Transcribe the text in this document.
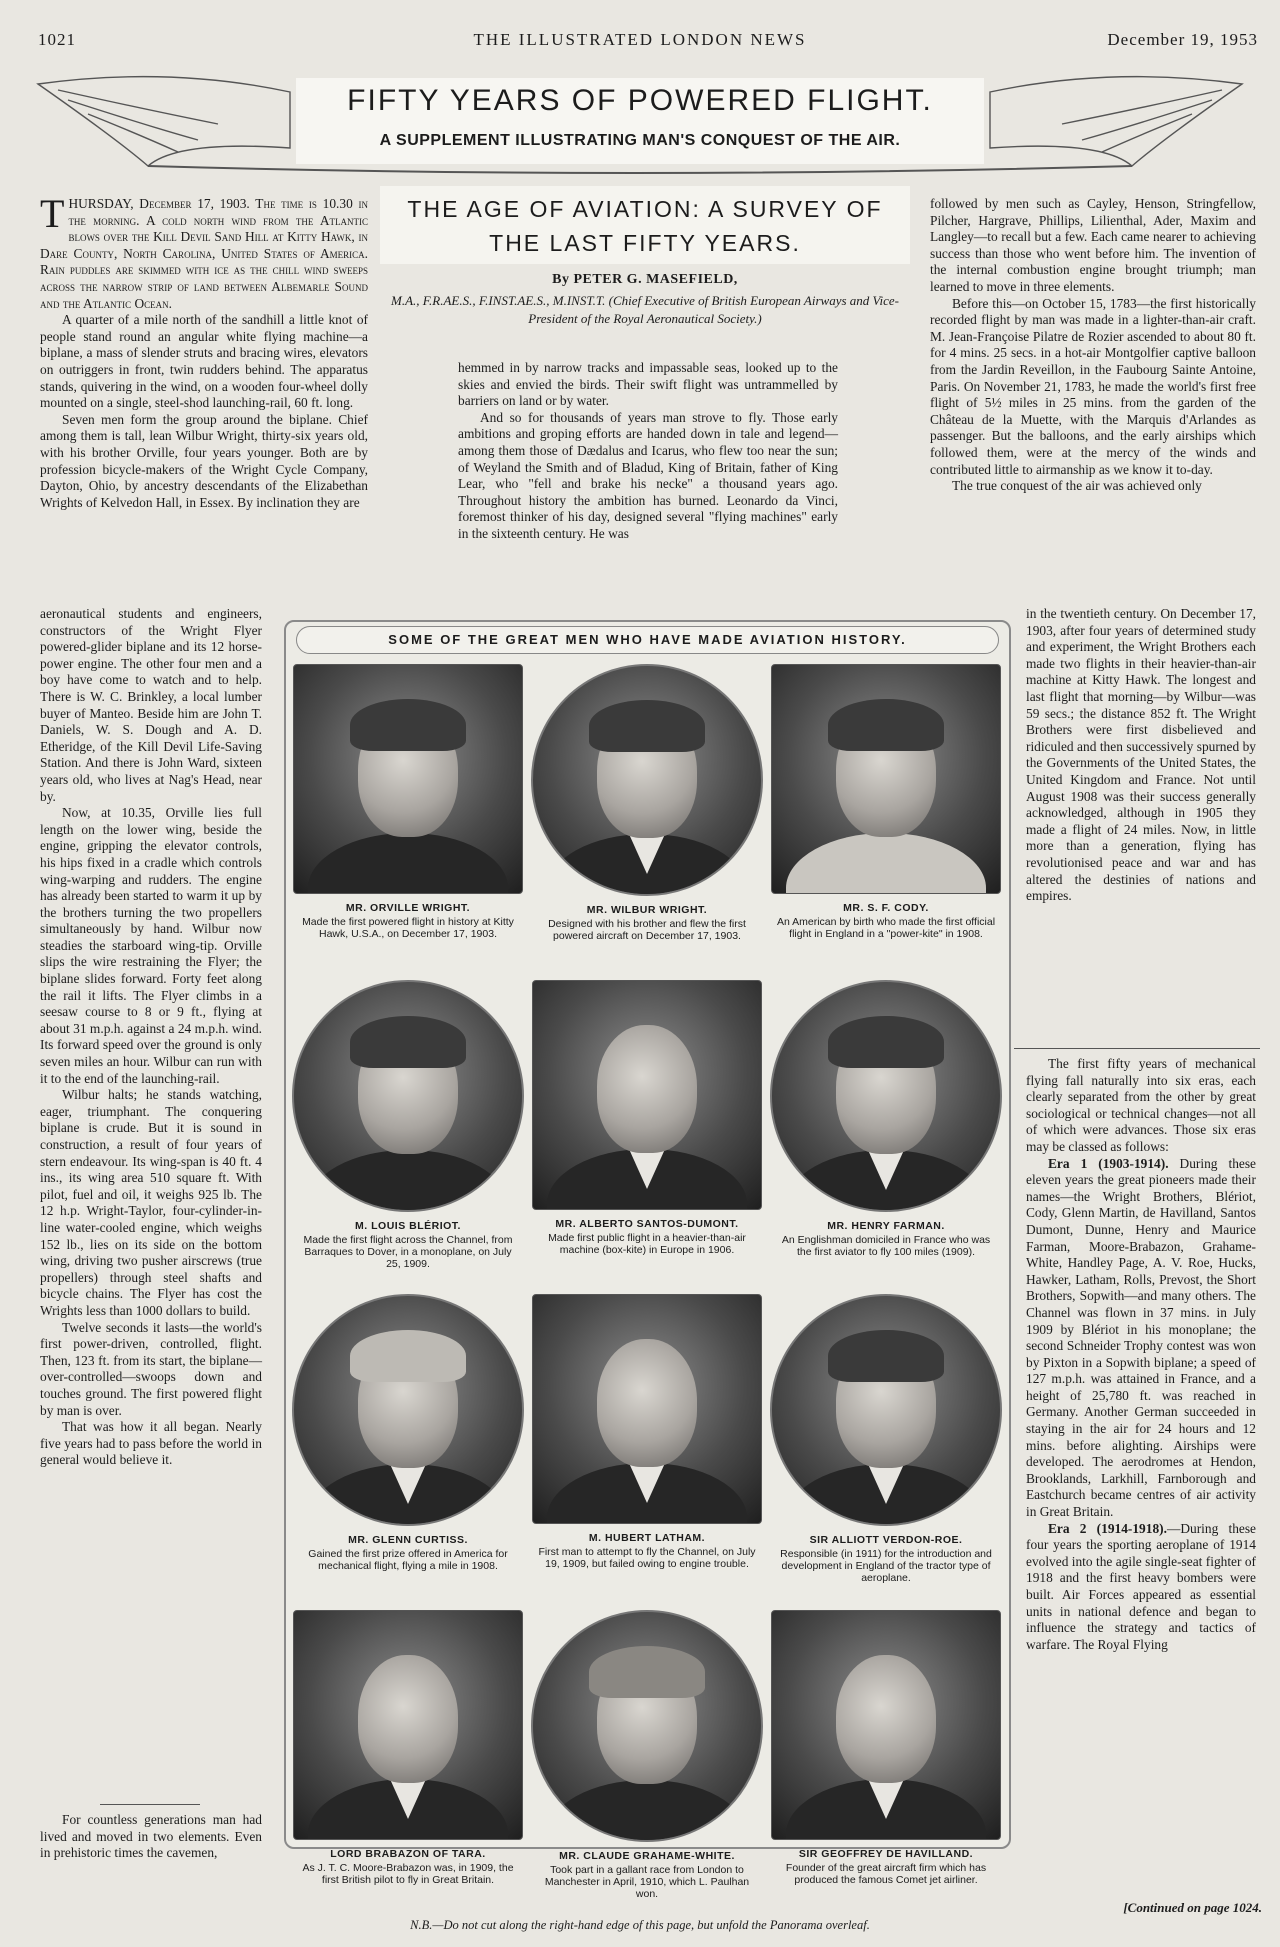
1021	THE ILLUSTRATED LONDON NEWS	December 19, 1953
FIFTY YEARS OF POWERED FLIGHT.
A SUPPLEMENT ILLUSTRATING MAN'S CONQUEST OF THE AIR.
THE AGE OF AVIATION: A SURVEY OF THE LAST FIFTY YEARS.
By PETER G. MASEFIELD,
M.A., F.R.AE.S., F.INST.AE.S., M.INST.T. (Chief Executive of British European Airways and Vice-President of the Royal Aeronautical Society.)

THURSDAY, December 17, 1903. The time is 10.30 in the morning. A cold north wind from the Atlantic blows over the Kill Devil Sand Hill at Kitty Hawk, in Dare County, North Carolina, United States of America. Rain puddles are skimmed with ice as the chill wind sweeps across the narrow strip of land between Albemarle Sound and the Atlantic Ocean.

A quarter of a mile north of the sandhill a little knot of people stand round an angular white flying machine—a biplane, a mass of slender struts and bracing wires, elevators on outriggers in front, twin rudders behind. The apparatus stands, quivering in the wind, on a wooden four-wheel dolly mounted on a single, steel-shod launching-rail, 60 ft. long.

Seven men form the group around the biplane. Chief among them is tall, lean Wilbur Wright, thirty-six years old, with his brother Orville, four years younger. Both are by profession bicycle-makers of the Wright Cycle Company, Dayton, Ohio, by ancestry descendants of the Elizabethan Wrights of Kelvedon Hall, in Essex. By inclination they are

aeronautical students and engineers, constructors of the Wright Flyer powered-glider biplane and its 12 horse-power engine. The other four men and a boy have come to watch and to help. There is W. C. Brinkley, a local lumber buyer of Manteo. Beside him are John T. Daniels, W. S. Dough and A. D. Etheridge, of the Kill Devil Life-Saving Station. And there is John Ward, sixteen years old, who lives at Nag's Head, near by.

Now, at 10.35, Orville lies full length on the lower wing, beside the engine, gripping the elevator controls, his hips fixed in a cradle which controls wing-warping and rudders. The engine has already been started to warm it up by the brothers turning the two propellers simultaneously by hand. Wilbur now steadies the starboard wing-tip. Orville slips the wire restraining the Flyer; the biplane slides forward. Forty feet along the rail it lifts. The Flyer climbs in a seesaw course to 8 or 9 ft., flying at about 31 m.p.h. against a 24 m.p.h. wind. Its forward speed over the ground is only seven miles an hour. Wilbur can run with it to the end of the launching-rail.

Wilbur halts; he stands watching, eager, triumphant. The conquering biplane is crude. But it is sound in construction, a result of four years of stern endeavour. Its wing-span is 40 ft. 4 ins., its wing area 510 square ft. With pilot, fuel and oil, it weighs 925 lb. The 12 h.p. Wright-Taylor, four-cylinder-in-line water-cooled engine, which weighs 152 lb., lies on its side on the bottom wing, driving two pusher airscrews (true propellers) through steel shafts and bicycle chains. The Flyer has cost the Wrights less than 1000 dollars to build.

Twelve seconds it lasts—the world's first power-driven, controlled, flight. Then, 123 ft. from its start, the biplane—over-controlled—swoops down and touches ground. The first powered flight by man is over.

That was how it all began. Nearly five years had to pass before the world in general would believe it.

For countless generations man had lived and moved in two elements. Even in prehistoric times the cavemen,

hemmed in by narrow tracks and impassable seas, looked up to the skies and envied the birds. Their swift flight was untrammelled by barriers on land or by water.

And so for thousands of years man strove to fly. Those early ambitions and groping efforts are handed down in tale and legend—among them those of Dædalus and Icarus, who flew too near the sun; of Weyland the Smith and of Bladud, King of Britain, father of King Lear, who "fell and brake his necke" a thousand years ago. Throughout history the ambition has burned. Leonardo da Vinci, foremost thinker of his day, designed several "flying machines" early in the sixteenth century. He was

followed by men such as Cayley, Henson, Stringfellow, Pilcher, Hargrave, Phillips, Lilienthal, Ader, Maxim and Langley—to recall but a few. Each came nearer to achieving success than those who went before him. The invention of the internal combustion engine brought triumph; man learned to move in three elements.

Before this—on October 15, 1783—the first historically recorded flight by man was made in a lighter-than-air craft. M. Jean-Françoise Pilatre de Rozier ascended to about 80 ft. for 4 mins. 25 secs. in a hot-air Montgolfier captive balloon from the Jardin Reveillon, in the Faubourg Sainte Antoine, Paris. On November 21, 1783, he made the world's first free flight of 5½ miles in 25 mins. from the garden of the Château de la Muette, with the Marquis d'Arlandes as passenger. But the balloons, and the early airships which followed them, were at the mercy of the winds and contributed little to airmanship as we know it to-day.

The true conquest of the air was achieved only

in the twentieth century. On December 17, 1903, after four years of determined study and experiment, the Wright Brothers each made two flights in their heavier-than-air machine at Kitty Hawk. The longest and last flight that morning—by Wilbur—was 59 secs.; the distance 852 ft. The Wright Brothers were first disbelieved and ridiculed and then successively spurned by the Governments of the United States, the United Kingdom and France. Not until August 1908 was their success generally acknowledged, although in 1905 they made a flight of 24 miles. Now, in little more than a generation, flying has revolutionised peace and war and has altered the destinies of nations and empires.

The first fifty years of mechanical flying fall naturally into six eras, each clearly separated from the other by great sociological or technical changes—not all of which were advances. Those six eras may be classed as follows:

Era 1 (1903-1914). During these eleven years the great pioneers made their names—the Wright Brothers, Blériot, Cody, Glenn Martin, de Havilland, Santos Dumont, Dunne, Henry and Maurice Farman, Moore-Brabazon, Grahame-White, Handley Page, A. V. Roe, Hucks, Hawker, Latham, Rolls, Prevost, the Short Brothers, Sopwith—and many others. The Channel was flown in 37 mins. in July 1909 by Blériot in his monoplane; the second Schneider Trophy contest was won by Pixton in a Sopwith biplane; a speed of 127 m.p.h. was attained in France, and a height of 25,780 ft. was reached in Germany. Another German succeeded in staying in the air for 24 hours and 12 mins. before alighting. Airships were developed. The aerodromes at Hendon, Brooklands, Larkhill, Farnborough and Eastchurch became centres of air activity in Great Britain.

Era 2 (1914-1918).—During these four years the sporting aeroplane of 1914 evolved into the agile single-seat fighter of 1918 and the first heavy bombers were built. Air Forces appeared as essential units in national defence and began to influence the strategy and tactics of warfare. The Royal Flying

[Continued on page 1024.
SOME OF THE GREAT MEN WHO HAVE MADE AVIATION HISTORY.
MR. ORVILLE WRIGHT.
Made the first powered flight in history at Kitty Hawk, U.S.A., on December 17, 1903.
MR. WILBUR WRIGHT.
Designed with his brother and flew the first powered aircraft on December 17, 1903.
MR. S. F. CODY.
An American by birth who made the first official flight in England in a "power-kite" in 1908.
M. LOUIS BLÉRIOT.
Made the first flight across the Channel, from Barraques to Dover, in a monoplane, on July 25, 1909.
MR. ALBERTO SANTOS-DUMONT.
Made first public flight in a heavier-than-air machine (box-kite) in Europe in 1906.
MR. HENRY FARMAN.
An Englishman domiciled in France who was the first aviator to fly 100 miles (1909).
MR. GLENN CURTISS.
Gained the first prize offered in America for mechanical flight, flying a mile in 1908.
M. HUBERT LATHAM.
First man to attempt to fly the Channel, on July 19, 1909, but failed owing to engine trouble.
SIR ALLIOTT VERDON-ROE.
Responsible (in 1911) for the introduction and development in England of the tractor type of aeroplane.
LORD BRABAZON OF TARA.
As J. T. C. Moore-Brabazon was, in 1909, the first British pilot to fly in Great Britain.
MR. CLAUDE GRAHAME-WHITE.
Took part in a gallant race from London to Manchester in April, 1910, which L. Paulhan won.
SIR GEOFFREY DE HAVILLAND.
Founder of the great aircraft firm which has produced the famous Comet jet airliner.
N.B.—Do not cut along the right-hand edge of this page, but unfold the Panorama overleaf.
